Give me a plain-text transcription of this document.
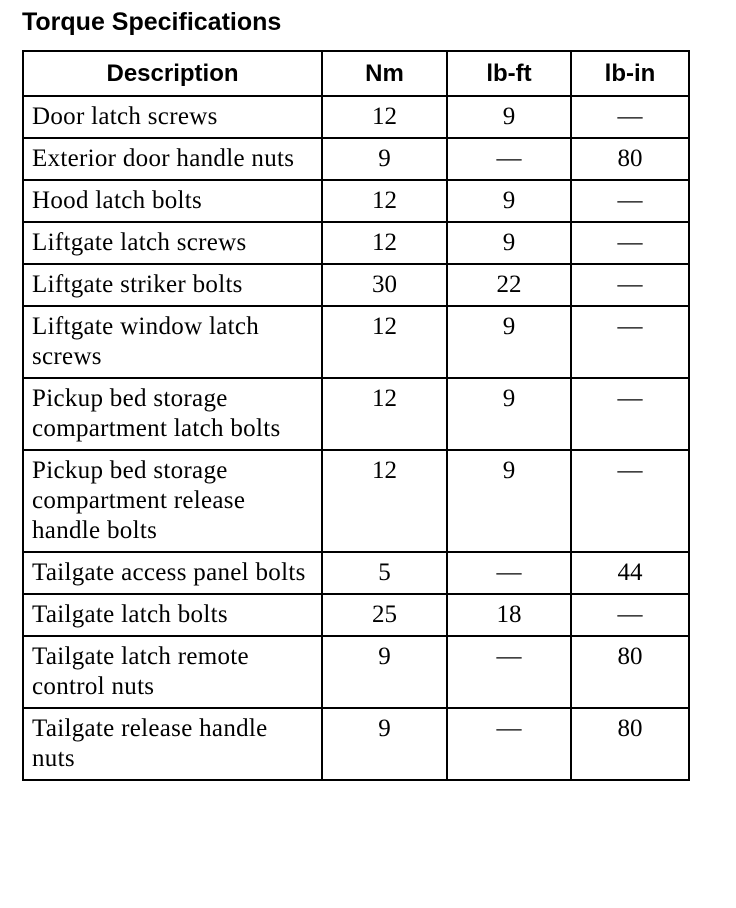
Torque Specifications
Description	Nm	lb-ft	lb-in
Door latch screws	12	9	—
Exterior door handle nuts	9	—	80
Hood latch bolts	12	9	—
Liftgate latch screws	12	9	—
Liftgate striker bolts	30	22	—
Liftgate window latch screws	12	9	—
Pickup bed storage compartment latch bolts	12	9	—
Pickup bed storage compartment release handle bolts	12	9	—
Tailgate access panel bolts	5	—	44
Tailgate latch bolts	25	18	—
Tailgate latch remote control nuts	9	—	80
Tailgate release handle nuts	9	—	80
